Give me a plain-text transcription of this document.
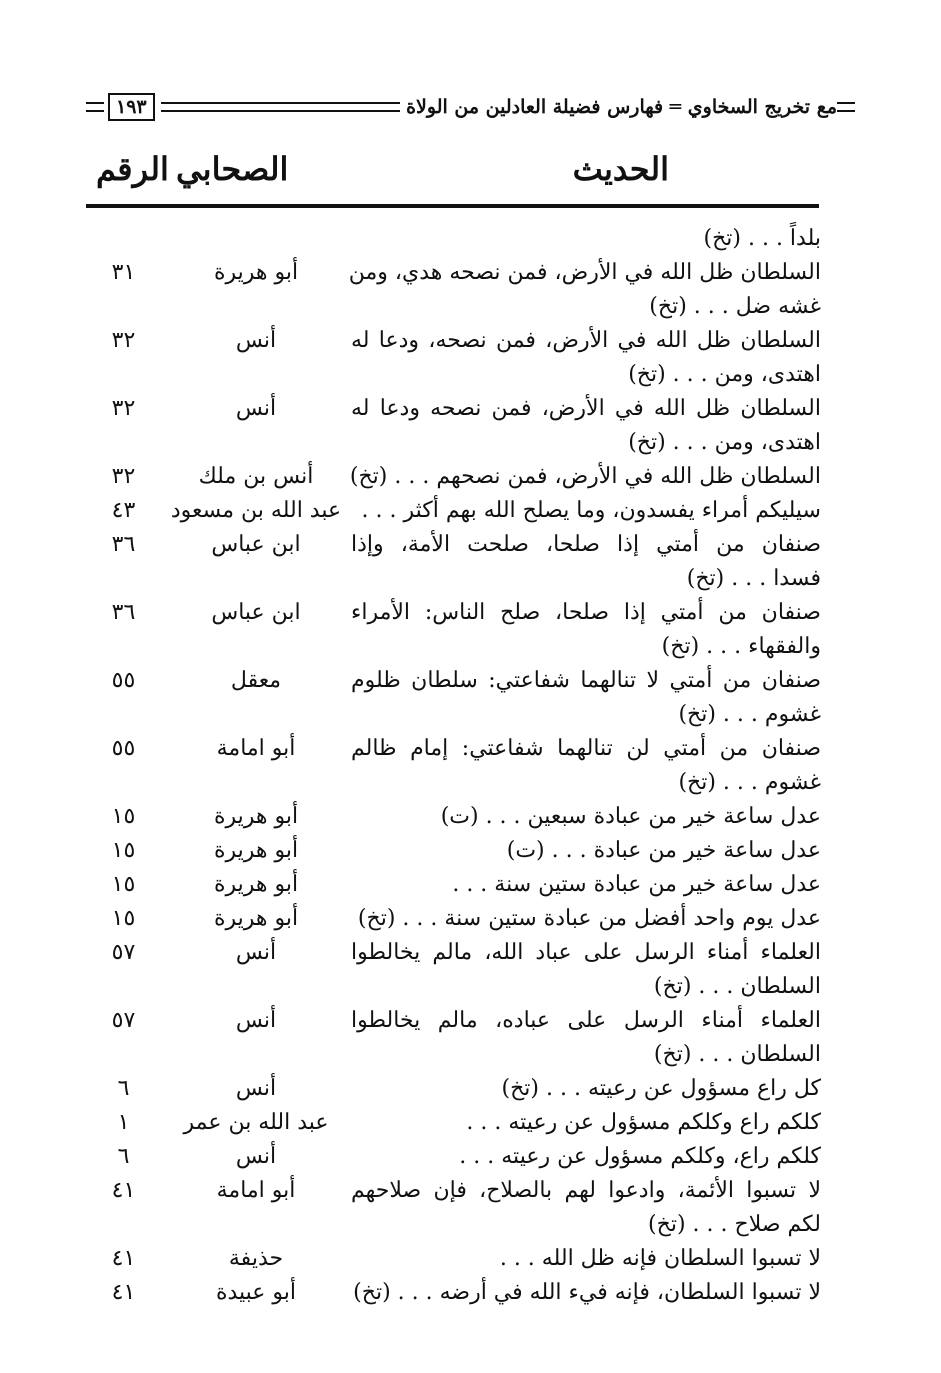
مع تخريج السخاوي ═ فهارس فضيلة العادلين من الولاة
١٩٣
الحديث
الصحابي
الرقم
بلداً . . . (تخ)
السلطان ظل الله في الأرض، فمن نصحه هدي، ومن
غشه ضل . . . (تخ)
أبو هريرة
٣١
السلطان ظل الله في الأرض، فمن نصحه، ودعا له
اهتدى، ومن . . . (تخ)
أنس
٣٢
السلطان ظل الله في الأرض، فمن نصحه ودعا له
اهتدى، ومن . . . (تخ)
أنس
٣٢
السلطان ظل الله في الأرض، فمن نصحهم . . . (تخ)
أنس بن ملك
٣٢
سيليكم أمراء يفسدون، وما يصلح الله بهم أكثر . . .
عبد الله بن مسعود
٤٣
صنفان من أمتي إذا صلحا، صلحت الأمة، وإذا
فسدا . . . (تخ)
ابن عباس
٣٦
صنفان من أمتي إذا صلحا، صلح الناس: الأمراء
والفقهاء . . . (تخ)
ابن عباس
٣٦
صنفان من أمتي لا تنالهما شفاعتي: سلطان ظلوم
غشوم . . . (تخ)
معقل
٥٥
صنفان من أمتي لن تنالهما شفاعتي: إمام ظالم
غشوم . . . (تخ)
أبو امامة
٥٥
عدل ساعة خير من عبادة سبعين . . . (ت)
أبو هريرة
١٥
عدل ساعة خير من عبادة . . . (ت)
أبو هريرة
١٥
عدل ساعة خير من عبادة ستين سنة . . .
أبو هريرة
١٥
عدل يوم واحد أفضل من عبادة ستين سنة . . . (تخ)
أبو هريرة
١٥
العلماء أمناء الرسل على عباد الله، مالم يخالطوا
السلطان . . . (تخ)
أنس
٥٧
العلماء أمناء الرسل على عباده، مالم يخالطوا
السلطان . . . (تخ)
أنس
٥٧
كل راع مسؤول عن رعيته . . . (تخ)
أنس
٦
كلكم راع وكلكم مسؤول عن رعيته . . .
عبد الله بن عمر
١
كلكم راع، وكلكم مسؤول عن رعيته . . .
أنس
٦
لا تسبوا الأئمة، وادعوا لهم بالصلاح، فإن صلاحهم
لكم صلاح . . . (تخ)
أبو امامة
٤١
لا تسبوا السلطان فإنه ظل الله . . .
حذيفة
٤١
لا تسبوا السلطان، فإنه فيء الله في أرضه . . . (تخ)
أبو عبيدة
٤١
